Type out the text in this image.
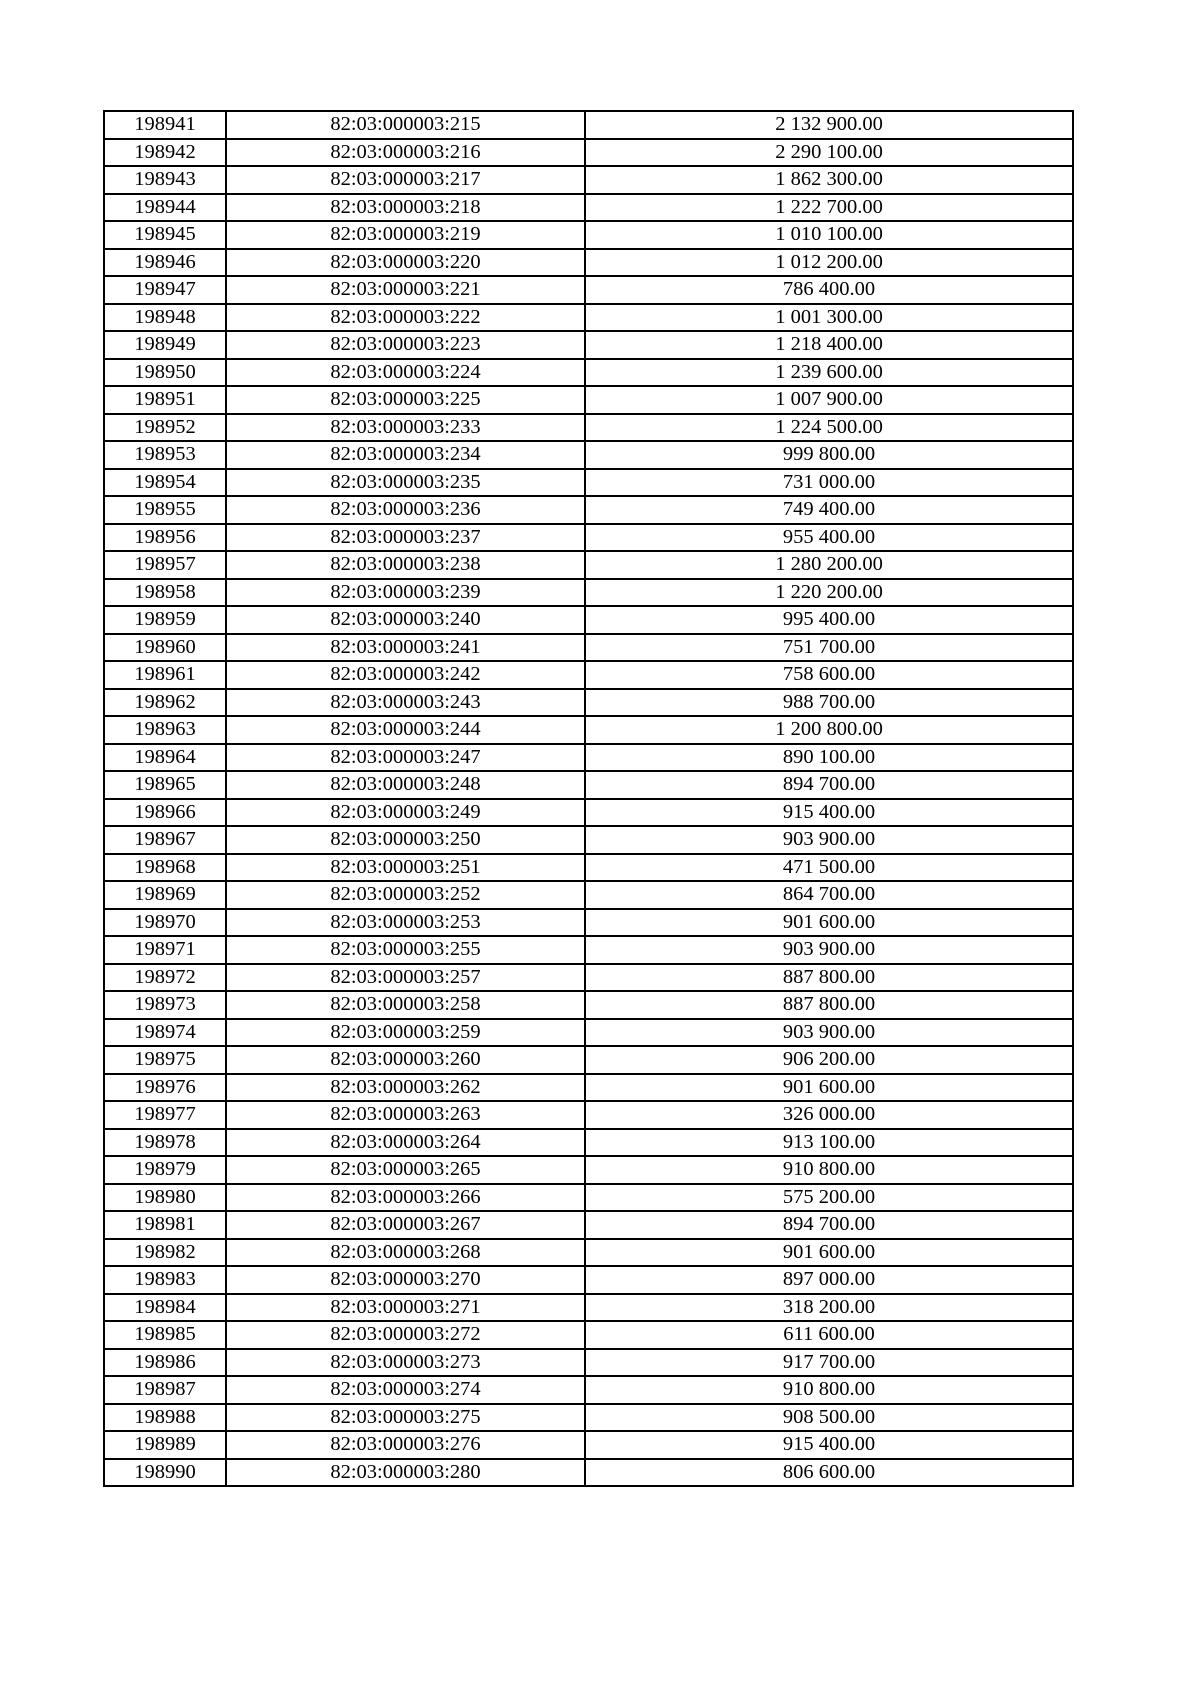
198941	82:03:000003:215	2 132 900.00
198942	82:03:000003:216	2 290 100.00
198943	82:03:000003:217	1 862 300.00
198944	82:03:000003:218	1 222 700.00
198945	82:03:000003:219	1 010 100.00
198946	82:03:000003:220	1 012 200.00
198947	82:03:000003:221	786 400.00
198948	82:03:000003:222	1 001 300.00
198949	82:03:000003:223	1 218 400.00
198950	82:03:000003:224	1 239 600.00
198951	82:03:000003:225	1 007 900.00
198952	82:03:000003:233	1 224 500.00
198953	82:03:000003:234	999 800.00
198954	82:03:000003:235	731 000.00
198955	82:03:000003:236	749 400.00
198956	82:03:000003:237	955 400.00
198957	82:03:000003:238	1 280 200.00
198958	82:03:000003:239	1 220 200.00
198959	82:03:000003:240	995 400.00
198960	82:03:000003:241	751 700.00
198961	82:03:000003:242	758 600.00
198962	82:03:000003:243	988 700.00
198963	82:03:000003:244	1 200 800.00
198964	82:03:000003:247	890 100.00
198965	82:03:000003:248	894 700.00
198966	82:03:000003:249	915 400.00
198967	82:03:000003:250	903 900.00
198968	82:03:000003:251	471 500.00
198969	82:03:000003:252	864 700.00
198970	82:03:000003:253	901 600.00
198971	82:03:000003:255	903 900.00
198972	82:03:000003:257	887 800.00
198973	82:03:000003:258	887 800.00
198974	82:03:000003:259	903 900.00
198975	82:03:000003:260	906 200.00
198976	82:03:000003:262	901 600.00
198977	82:03:000003:263	326 000.00
198978	82:03:000003:264	913 100.00
198979	82:03:000003:265	910 800.00
198980	82:03:000003:266	575 200.00
198981	82:03:000003:267	894 700.00
198982	82:03:000003:268	901 600.00
198983	82:03:000003:270	897 000.00
198984	82:03:000003:271	318 200.00
198985	82:03:000003:272	611 600.00
198986	82:03:000003:273	917 700.00
198987	82:03:000003:274	910 800.00
198988	82:03:000003:275	908 500.00
198989	82:03:000003:276	915 400.00
198990	82:03:000003:280	806 600.00
